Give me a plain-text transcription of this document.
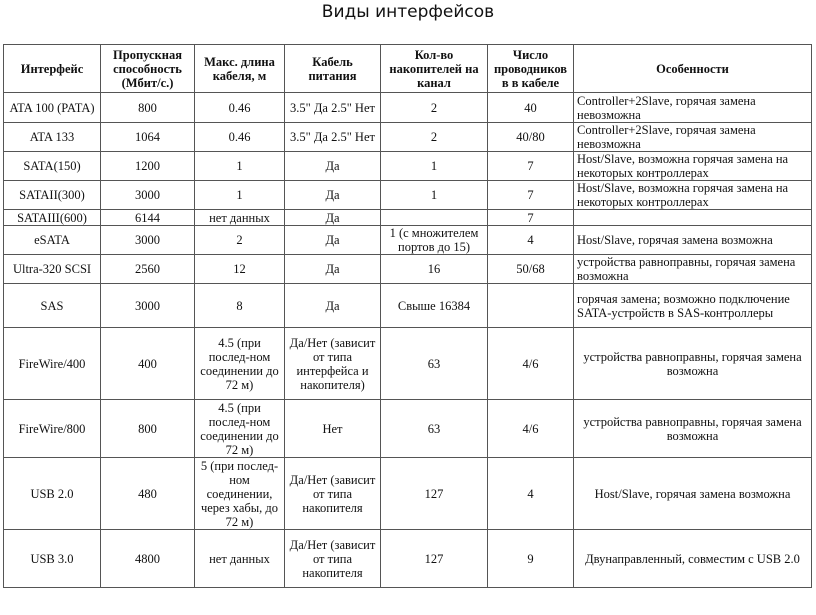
Виды интерфейсов
Интерфейс	Пропускная способность (Мбит/с.)	Макс. длина кабеля, м	Кабель питания	Кол-во накопителей на канал	Число проводников в в кабеле	Особенности
ATA 100 (PATA)	800	0.46	3.5" Да 2.5" Нет	2	40	Controller+2Slave, горячая замена невозможна
ATA 133	1064	0.46	3.5" Да 2.5" Нет	2	40/80	Controller+2Slave, горячая замена невозможна
SATA(150)	1200	1	Да	1	7	Host/Slave, возможна горячая замена на некоторых контроллерах
SATAII(300)	3000	1	Да	1	7	Host/Slave, возможна горячая замена на некоторых контроллерах
SATAIII(600)	6144	нет данных	Да		7	
eSATA	3000	2	Да	1 (с множителем портов до 15)	4	Host/Slave, горячая замена возможна
Ultra-320 SCSI	2560	12	Да	16	50/68	устройства равноправны, горячая замена возможна
SAS	3000	8	Да	Свыше 16384		горячая замена; возможно подключение SATA-устройств в SAS-контроллеры
FireWire/400	400	4.5 (при послед-ном соединении до 72 м)	Да/Нет (зависит от типа интерфейса и накопителя)	63	4/6	устройства равноправны, горячая замена возможна
FireWire/800	800	4.5 (при послед-ном соединении до 72 м)	Нет	63	4/6	устройства равноправны, горячая замена возможна
USB 2.0	480	5 (при послед-ном соединении, через хабы, до 72 м)	Да/Нет (зависит от типа накопителя	127	4	Host/Slave, горячая замена возможна
USB 3.0	4800	нет данных	Да/Нет (зависит от типа накопителя	127	9	Двунаправленный, совместим с USB 2.0
